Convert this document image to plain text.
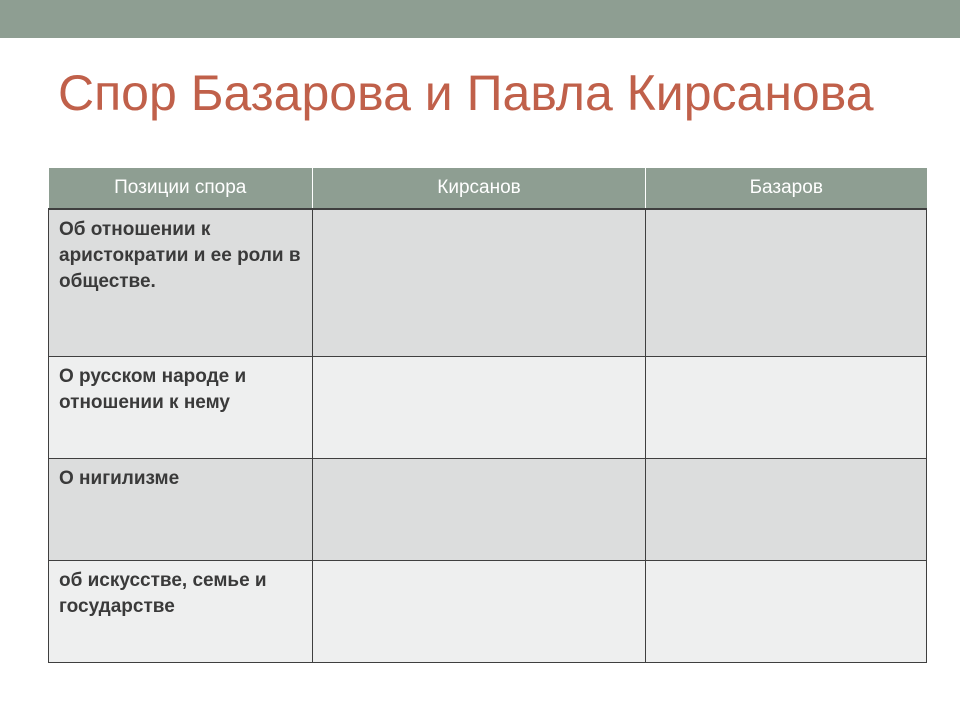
Спор Базарова и Павла Кирсанова
Позиции спора	Кирсанов	Базаров
Об отношении к аристократии и ее роли в обществе.		
О русском народе и отношении к нему		
О нигилизме		
об искусстве, семье и государстве		
